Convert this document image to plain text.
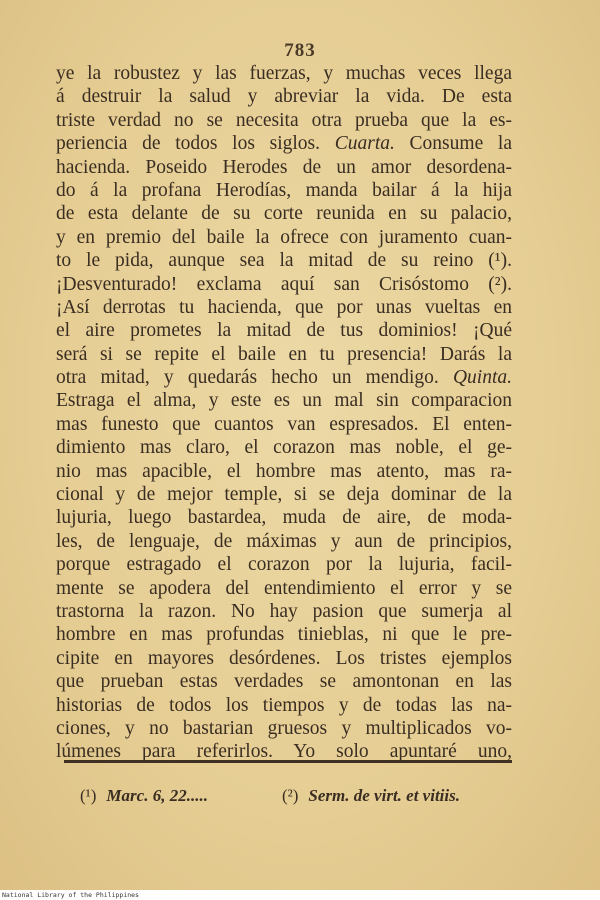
783
ye la robustez y las fuerzas, y muchas veces llega
á destruir la salud y abreviar la vida. De esta
triste verdad no se necesita otra prueba que la es-
periencia de todos los siglos. Cuarta. Consume la
hacienda. Poseido Herodes de un amor desordena-
do á la profana Herodías, manda bailar á la hija
de esta delante de su corte reunida en su palacio,
y en premio del baile la ofrece con juramento cuan-
to le pida, aunque sea la mitad de su reino (¹).
¡Desventurado! exclama aquí san Crisóstomo (²).
¡Así derrotas tu hacienda, que por unas vueltas en
el aire prometes la mitad de tus dominios! ¡Qué
será si se repite el baile en tu presencia! Darás la
otra mitad, y quedarás hecho un mendigo. Quinta.
Estraga el alma, y este es un mal sin comparacion
mas funesto que cuantos van espresados. El enten-
dimiento mas claro, el corazon mas noble, el ge-
nio mas apacible, el hombre mas atento, mas ra-
cional y de mejor temple, si se deja dominar de la
lujuria, luego bastardea, muda de aire, de moda-
les, de lenguaje, de máximas y aun de principios,
porque estragado el corazon por la lujuria, facil-
mente se apodera del entendimiento el error y se
trastorna la razon. No hay pasion que sumerja al
hombre en mas profundas tinieblas, ni que le pre-
cipite en mayores desórdenes. Los tristes ejemplos
que prueban estas verdades se amontonan en las
historias de todos los tiempos y de todas las na-
ciones, y no bastarian gruesos y multiplicados vo-
lúmenes para referirlos. Yo solo apuntaré uno,
(¹) Marc. 6, 22.....	(²) Serm. de virt. et vitiis.
National Library of the Philippines
